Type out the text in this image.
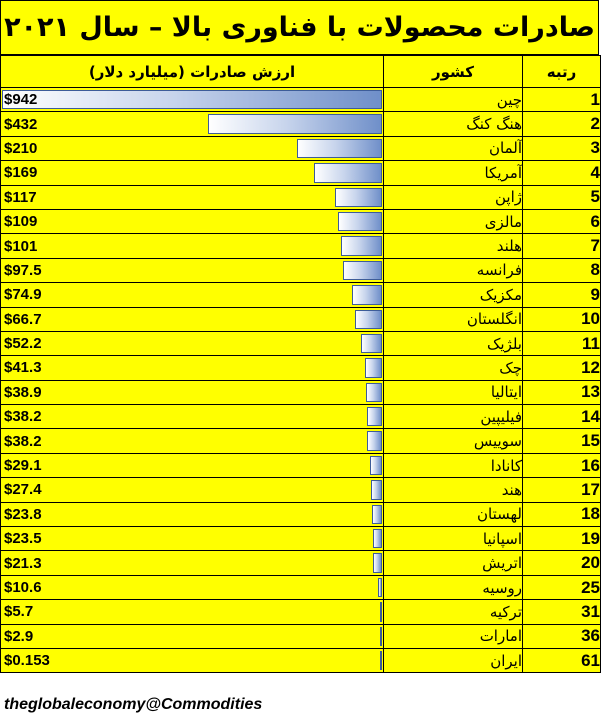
صادرات محصولات با فناوری بالا – سال ۲۰۲۱
ارزش صادرات (میلیارد دلار)	کشور	رتبه

$942	چین	1

$432	هنگ کنگ	2

$210	آلمان	3

$169	آمریکا	4

$117	ژاپن	5

$109	مالزی	6

$101	هلند	7

$97.5	فرانسه	8

$74.9	مکزیک	9

$66.7	انگلستان	10

$52.2	بلژیک	11

$41.3	چک	12

$38.9	ایتالیا	13

$38.2	فیلیپین	14

$38.2	سوییس	15

$29.1	کانادا	16

$27.4	هند	17

$23.8	لهستان	18

$23.5	اسپانیا	19

$21.3	اتریش	20

$10.6	روسیه	25

$5.7	ترکیه	31

$2.9	امارات	36

$0.153	ایران	61
theglobaleconomy @Commodities
